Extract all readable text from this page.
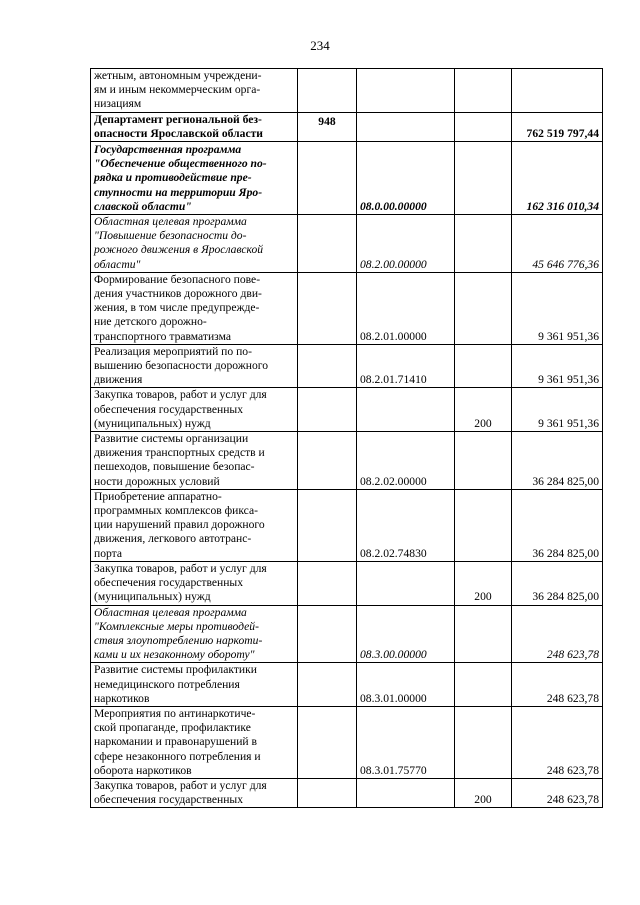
234
жетным, автономным учреждени-
ям и иным некоммерческим орга-
низациям				
Департамент региональной без-
опасности Ярославской области	948			762 519 797,44
Государственная программа
"Обеспечение общественного по-
рядка и противодействие пре-
ступности на территории Яро-
славской области"		08.0.00.00000		162 316 010,34
Областная целевая программа
"Повышение безопасности до-
рожного движения в Ярославской
области"		08.2.00.00000		45 646 776,36
Формирование безопасного пове-
дения участников дорожного дви-
жения, в том числе предупрежде-
ние детского дорожно-
транспортного травматизма		08.2.01.00000		9 361 951,36
Реализация мероприятий по по-
вышению безопасности дорожного
движения		08.2.01.71410		9 361 951,36
Закупка товаров, работ и услуг для
обеспечения государственных
(муниципальных) нужд			200	9 361 951,36
Развитие системы организации
движения транспортных средств и
пешеходов, повышение безопас-
ности дорожных условий		08.2.02.00000		36 284 825,00
Приобретение аппаратно-
программных комплексов фикса-
ции нарушений правил дорожного
движения, легкового автотранс-
порта		08.2.02.74830		36 284 825,00
Закупка товаров, работ и услуг для
обеспечения государственных
(муниципальных) нужд			200	36 284 825,00
Областная целевая программа
"Комплексные меры противодей-
ствия злоупотреблению наркоти-
ками и их незаконному обороту"		08.3.00.00000		248 623,78
Развитие системы профилактики
немедицинского потребления
наркотиков		08.3.01.00000		248 623,78
Мероприятия по антинаркотиче-
ской пропаганде, профилактике
наркомании и правонарушений в
сфере незаконного потребления и
оборота наркотиков		08.3.01.75770		248 623,78
Закупка товаров, работ и услуг для
обеспечения государственных			200	248 623,78
